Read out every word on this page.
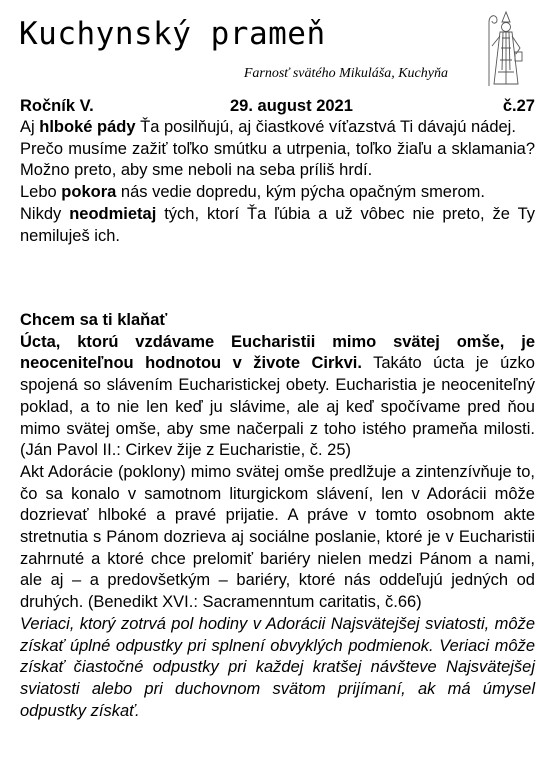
Kuchynský prameň
Farnosť svätého Mikuláša, Kuchyňa
Ročník V.	29. august 2021	č.27

Aj hlboké pády Ťa posilňujú, aj čiastkové víťazstvá Ti dávajú nádej.

Prečo musíme zažiť toľko smútku a utrpenia, toľko žiaľu a sklamania? Možno preto, aby sme neboli na seba príliš hrdí.

Lebo pokora nás vedie dopredu, kým pýcha opačným smerom.

Nikdy neodmietaj tých, ktorí Ťa ľúbia a už vôbec nie preto, že Ty nemiluješ ich.

Chcem sa ti klaňať

Úcta, ktorú vzdávame Eucharistii mimo svätej omše, je neoceniteľnou hodnotou v živote Cirkvi. Takáto úcta je úzko spojená so slávením Eucharistickej obety. Eucharistia je neoceniteľný poklad, a to nie len keď ju slávime, ale aj keď spočívame pred ňou mimo svätej omše, aby sme načerpali z toho istého prameňa milosti. (Ján Pavol II.: Cirkev žije z Eucharistie, č. 25)

Akt Adorácie (poklony) mimo svätej omše predlžuje a zintenzívňuje to, čo sa konalo v samotnom liturgickom slávení, len v Adorácii môže dozrievať hlboké a pravé prijatie. A práve v tomto osobnom akte stretnutia s Pánom dozrieva aj sociálne poslanie, ktoré je v Eucharistii zahrnuté a ktoré chce prelomiť bariéry nielen medzi Pánom a nami, ale aj – a predovšetkým – bariéry, ktoré nás oddeľujú jedných od druhých. (Benedikt XVI.: Sacramenntum caritatis, č.66)

Veriaci, ktorý zotrvá pol hodiny v Adorácii Najsvätejšej sviatosti, môže získať úplné odpustky pri splnení obvyklých podmienok. Veriaci môže získať čiastočné odpustky pri každej kratšej návšteve Najsvätejšej sviatosti alebo pri duchovnom svätom prijímaní, ak má úmysel odpustky získať.
